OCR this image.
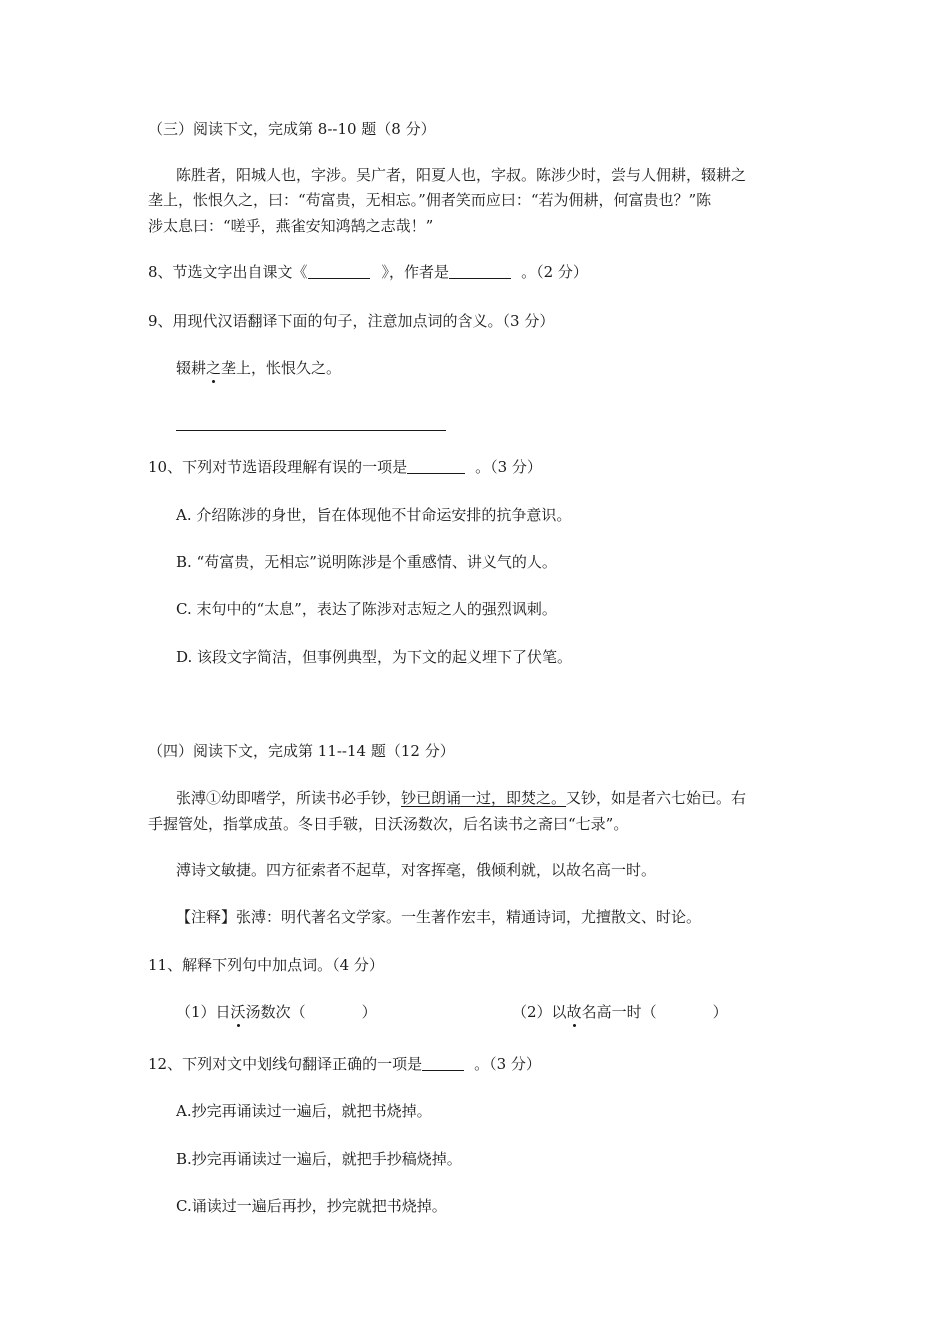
（三）阅读下文，完成第 8--10 题（8 分）
陈胜者，阳城人也，字涉。吴广者，阳夏人也，字叔。陈涉少时，尝与人佣耕，辍耕之
垄上，怅恨久之，曰：“苟富贵，无相忘。”佣者笑而应曰：“若为佣耕，何富贵也？”陈
涉太息曰：“嗟乎，燕雀安知鸿鹄之志哉！”
8、节选文字出自课文《	》，作者是	。（2 分）
9、用现代汉语翻译下面的句子，注意加点词的含义。（3 分）
辍耕之垄上，怅恨久之。
10、下列对节选语段理解有误的一项是	。（3 分）
A. 介绍陈涉的身世，旨在体现他不甘命运安排的抗争意识。
B. “苟富贵，无相忘”说明陈涉是个重感情、讲义气的人。
C. 末句中的“太息”，表达了陈涉对志短之人的强烈讽刺。
D. 该段文字简洁，但事例典型，为下文的起义埋下了伏笔。
（四）阅读下文，完成第 11--14 题（12 分）
张溥①幼即嗜学，所读书必手钞，钞已朗诵一过，即焚之。又钞，如是者六七始已。右
手握管处，指掌成茧。冬日手皲，日沃汤数次，后名读书之斋曰“七录”。
溥诗文敏捷。四方征索者不起草，对客挥毫，俄倾利就，以故名高一时。
【注释】张溥：明代著名文学家。一生著作宏丰，精通诗词，尤擅散文、时论。
11、解释下列句中加点词。（4 分）
（1）日沃汤数次（	）	（2）以故名高一时（	）
12、下列对文中划线句翻译正确的一项是	。（3 分）
A.抄完再诵读过一遍后，就把书烧掉。
B.抄完再诵读过一遍后，就把手抄稿烧掉。
C.诵读过一遍后再抄，抄完就把书烧掉。
